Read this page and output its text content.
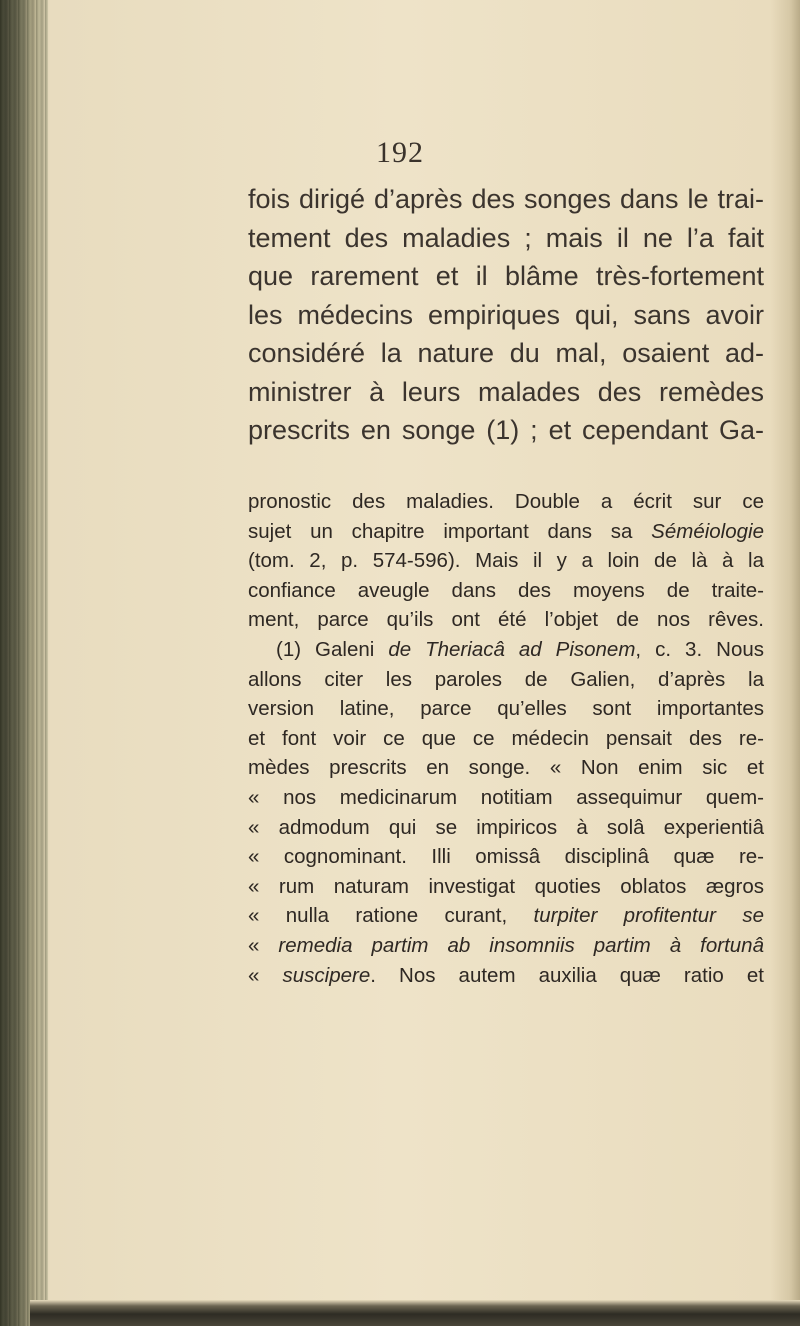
192
fois dirigé d’après des songes dans le trai-
tement des maladies ; mais il ne l’a fait
que rarement et il blâme très-fortement
les médecins empiriques qui, sans avoir
considéré la nature du mal, osaient ad-
ministrer à leurs malades des remèdes
prescrits en songe (1) ; et cependant Ga-
pronostic des maladies. Double a écrit sur ce
sujet un chapitre important dans sa Séméiologie
(tom. 2, p. 574-596). Mais il y a loin de là à la
confiance aveugle dans des moyens de traite-
ment, parce qu’ils ont été l’objet de nos rêves.
(1) Galeni de Theriacâ ad Pisonem, c. 3. Nous
allons citer les paroles de Galien, d’après la
version latine, parce qu’elles sont importantes
et font voir ce que ce médecin pensait des re-
mèdes prescrits en songe. « Non enim sic et
« nos medicinarum notitiam assequimur quem-
« admodum qui se impiricos à solâ experientiâ
« cognominant. Illi omissâ disciplinâ quæ re-
« rum naturam investigat quoties oblatos ægros
« nulla ratione curant, turpiter profitentur se
« remedia partim ab insomniis partim à fortunâ
« suscipere. Nos autem auxilia quæ ratio et
